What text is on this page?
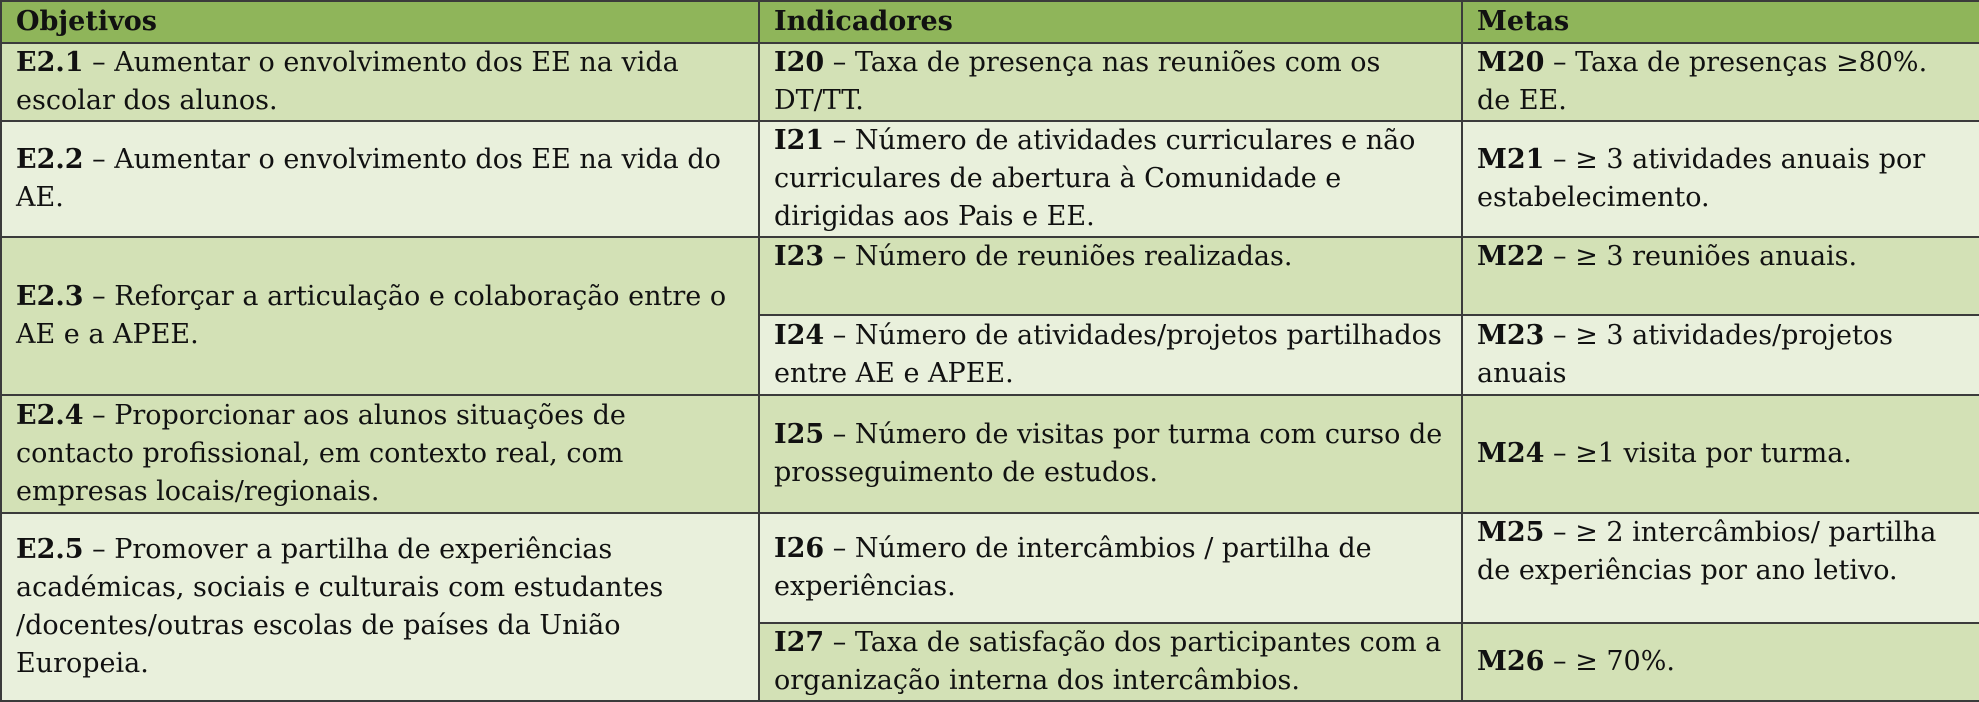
Objetivos	Indicadores	Metas
E2.1 – Aumentar o envolvimento dos EE na vida escolar dos alunos.	I20 – Taxa de presença nas reuniões com os DT/TT.	M20 – Taxa de presenças ≥80%. de EE.
E2.2 – Aumentar o envolvimento dos EE na vida do AE.	I21 – Número de atividades curriculares e não curriculares de abertura à Comunidade e dirigidas aos Pais e EE.	M21 – ≥ 3 atividades anuais por estabelecimento.
E2.3 – Reforçar a articulação e colaboração entre o AE e a APEE.	I23 – Número de reuniões realizadas.	M22 – ≥ 3 reuniões anuais.
	I24 – Número de atividades/projetos partilhados entre AE e APEE.	M23 – ≥ 3 atividades/projetos anuais
E2.4 – Proporcionar aos alunos situações de contacto profissional, em contexto real, com empresas locais/regionais.	I25 – Número de visitas por turma com curso de prosseguimento de estudos.	M24 – ≥1 visita por turma.
E2.5 – Promover a partilha de experiências académicas, sociais e culturais com estudantes /docentes/outras escolas de países da União Europeia.	I26 – Número de intercâmbios / partilha de experiências.	M25 – ≥ 2 intercâmbios/ partilha de experiências por ano letivo.
	I27 – Taxa de satisfação dos participantes com a organização interna dos intercâmbios.	M26 – ≥ 70%.
